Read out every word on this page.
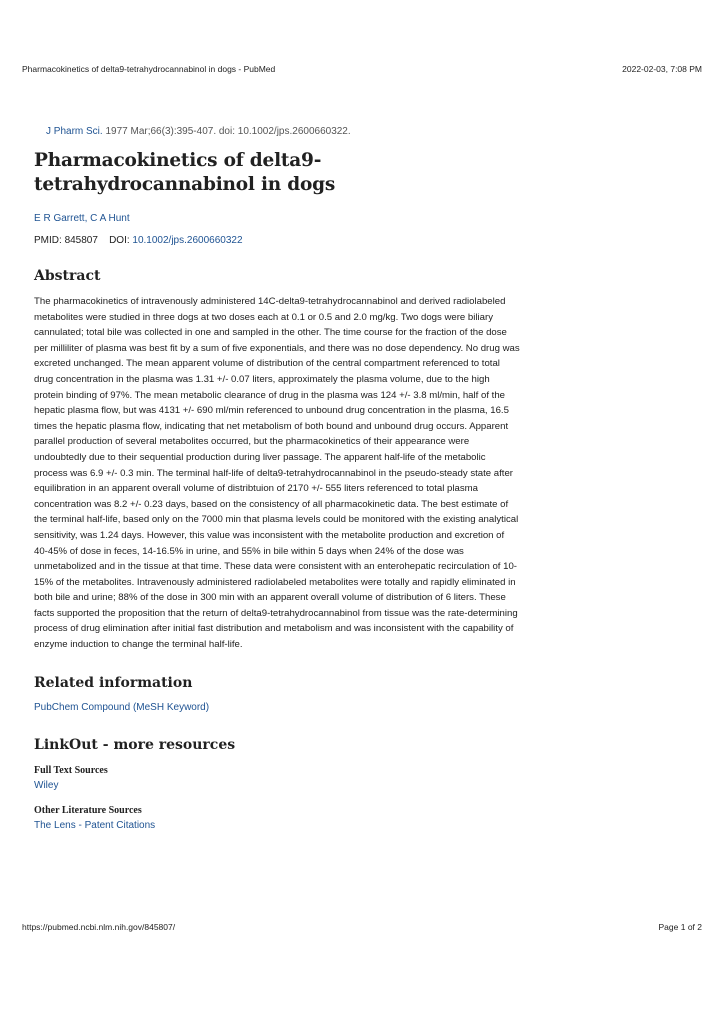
Pharmacokinetics of delta9-tetrahydrocannabinol in dogs - PubMed	2022-02-03, 7:08 PM
J Pharm Sci. 1977 Mar;66(3):395-407. doi: 10.1002/jps.2600660322.
Pharmacokinetics of delta9-tetrahydrocannabinol in dogs
E R Garrett, C A Hunt
PMID: 845807 DOI: 10.1002/jps.2600660322
Abstract
The pharmacokinetics of intravenously administered 14C-delta9-tetrahydrocannabinol and derived radiolabeled metabolites were studied in three dogs at two doses each at 0.1 or 0.5 and 2.0 mg/kg. Two dogs were biliary cannulated; total bile was collected in one and sampled in the other. The time course for the fraction of the dose per milliliter of plasma was best fit by a sum of five exponentials, and there was no dose dependency. No drug was excreted unchanged. The mean apparent volume of distribution of the central compartment referenced to total drug concentration in the plasma was 1.31 +/- 0.07 liters, approximately the plasma volume, due to the high protein binding of 97%. The mean metabolic clearance of drug in the plasma was 124 +/- 3.8 ml/min, half of the hepatic plasma flow, but was 4131 +/- 690 ml/min referenced to unbound drug concentration in the plasma, 16.5 times the hepatic plasma flow, indicating that net metabolism of both bound and unbound drug occurs. Apparent parallel production of several metabolites occurred, but the pharmacokinetics of their appearance were undoubtedly due to their sequential production during liver passage. The apparent half-life of the metabolic process was 6.9 +/- 0.3 min. The terminal half-life of delta9-tetrahydrocannabinol in the pseudo-steady state after equilibration in an apparent overall volume of distribtuion of 2170 +/- 555 liters referenced to total plasma concentration was 8.2 +/- 0.23 days, based on the consistency of all pharmacokinetic data. The best estimate of the terminal half-life, based only on the 7000 min that plasma levels could be monitored with the existing analytical sensitivity, was 1.24 days. However, this value was inconsistent with the metabolite production and excretion of 40-45% of dose in feces, 14-16.5% in urine, and 55% in bile within 5 days when 24% of the dose was unmetabolized and in the tissue at that time. These data were consistent with an enterohepatic recirculation of 10-15% of the metabolites. Intravenously administered radiolabeled metabolites were totally and rapidly eliminated in both bile and urine; 88% of the dose in 300 min with an apparent overall volume of distribution of 6 liters. These facts supported the proposition that the return of delta9-tetrahydrocannabinol from tissue was the rate-determining process of drug elimination after initial fast distribution and metabolism and was inconsistent with the capability of enzyme induction to change the terminal half-life.
Related information
PubChem Compound (MeSH Keyword)
LinkOut - more resources
Full Text Sources
Wiley
Other Literature Sources
The Lens - Patent Citations
https://pubmed.ncbi.nlm.nih.gov/845807/	Page 1 of 2
